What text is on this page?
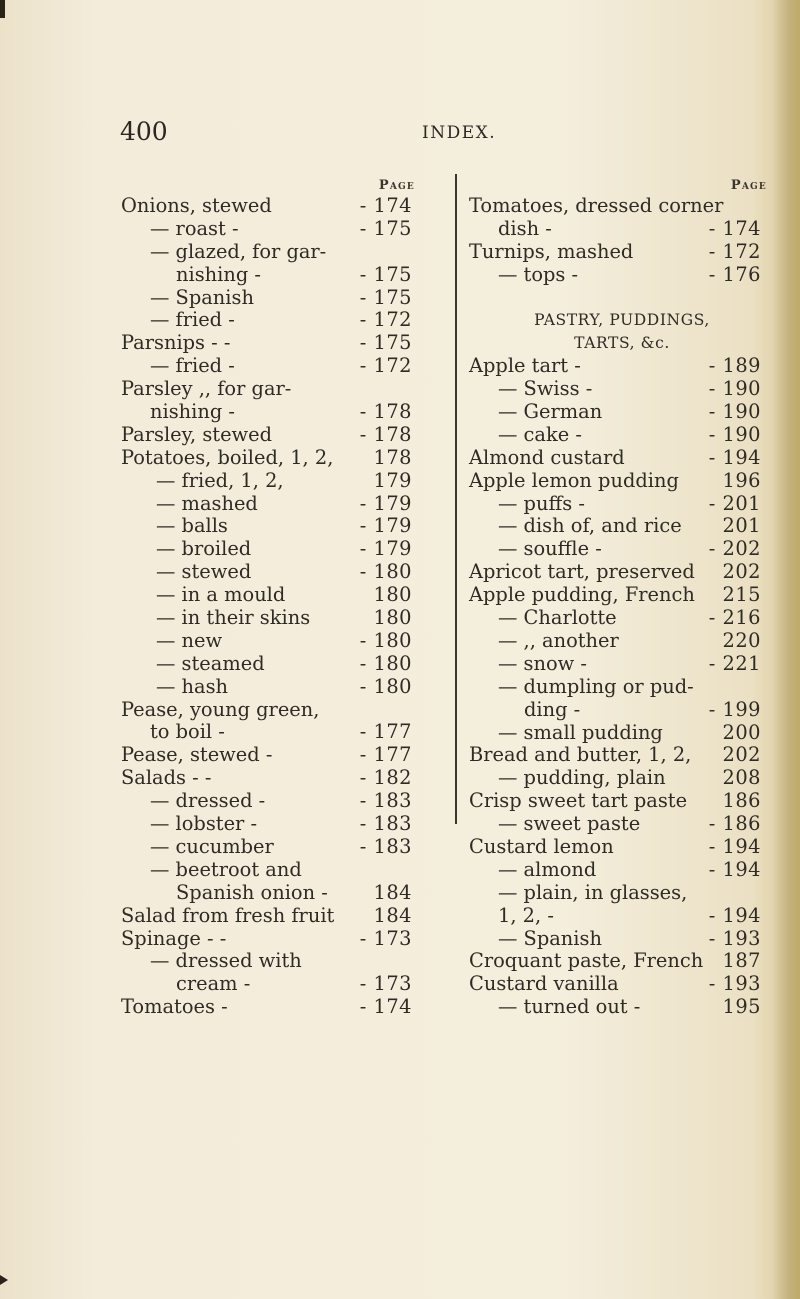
400	INDEX.
Page
Onions, stewed	- 174
— roast -	- 175
— glazed, for gar-
nishing -	- 175
— Spanish	- 175
— fried -	- 172
Parsnips - -	- 175
— fried -	- 172
Parsley ,, for gar-
nishing -	- 178
Parsley, stewed	- 178
Potatoes, boiled, 1, 2, 178
— fried, 1, 2,	179
— mashed	- 179
— balls	- 179
— broiled	- 179
— stewed	- 180
— in a mould	180
— in their skins	180
— new	- 180
— steamed	- 180
— hash	- 180
Pease, young green,
to boil -	- 177
Pease, stewed -	- 177
Salads - -	- 182
— dressed -	- 183
— lobster -	- 183
— cucumber	- 183
— beetroot and
Spanish onion - 184
Salad from fresh fruit 184
Spinage - -	- 173
— dressed with
cream -	- 173
Tomatoes -	- 174
Page
Tomatoes, dressed corner
dish -	- 174
Turnips, mashed	- 172
— tops -	- 176
PASTRY, PUDDINGS,
TARTS, &c.
Apple tart -	- 189
— Swiss -	- 190
— German	- 190
— cake -	- 190
Almond custard	- 194
Apple lemon pudding 196
— puffs -	- 201
— dish of, and rice 201
— souffle -	- 202
Apricot tart, preserved 202
Apple pudding, French 215
— Charlotte	- 216
— ,, another	220
— snow -	- 221
— dumpling or pud-
ding -	- 199
— small pudding	200
Bread and butter, 1, 2, 202
— pudding, plain	208
Crisp sweet tart paste 186
— sweet paste	- 186
Custard lemon	- 194
— almond	- 194
— plain, in glasses,
1, 2, -	- 194
— Spanish	- 193
Croquant paste, French 187
Custard vanilla	- 193
— turned out -	195
